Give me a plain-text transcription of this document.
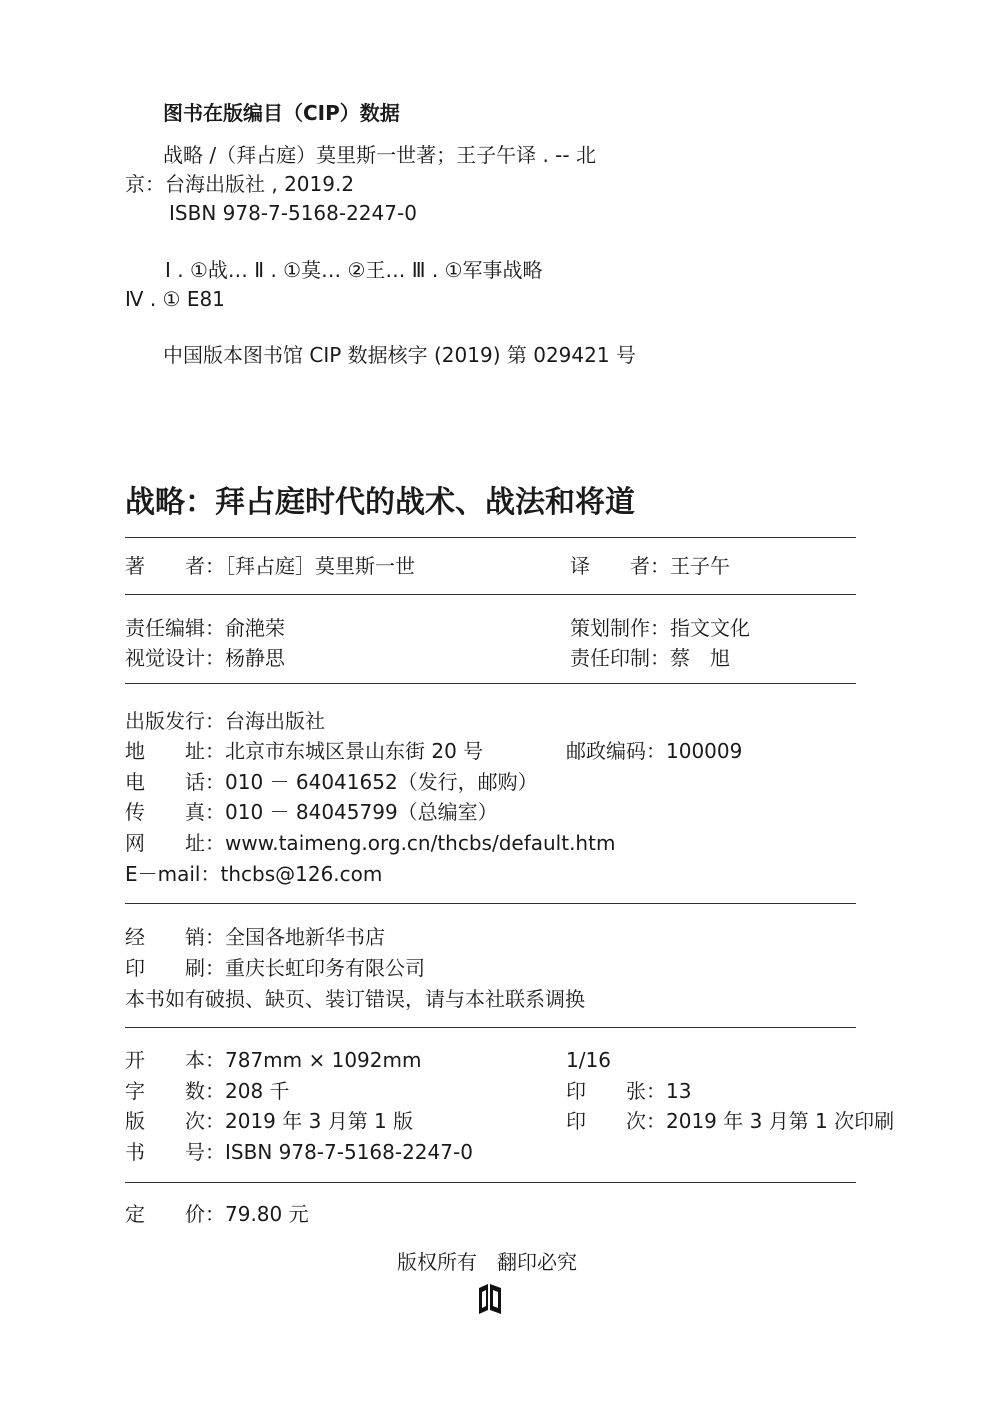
图书在版编目（CIP）数据
战略 /（拜占庭）莫里斯一世著；王子午译 . -- 北
京：台海出版社 , 2019.2
ISBN 978-7-5168-2247-0
Ⅰ . ①战… Ⅱ . ①莫… ②王… Ⅲ . ①军事战略
Ⅳ . ① E81
中国版本图书馆 CIP 数据核字 (2019) 第 029421 号
战略：拜占庭时代的战术、战法和将道
著　　者：［拜占庭］莫里斯一世	译　　者：王子午
责任编辑：俞滟荣	策划制作：指文文化
视觉设计：杨静思	责任印制：蔡　旭
出版发行：台海出版社
地　　址：北京市东城区景山东街 20 号	邮政编码：100009
电　　话：010 － 64041652（发行，邮购）
传　　真：010 － 84045799（总编室）
网　　址：www.taimeng.org.cn/thcbs/default.htm
E－mail：thcbs@126.com
经　　销：全国各地新华书店
印　　刷：重庆长虹印务有限公司
本书如有破损、缺页、装订错误，请与本社联系调换
开　　本：787mm × 1092mm	1/16
字　　数：208 千	印　　张：13
版　　次：2019 年 3 月第 1 版	印　　次：2019 年 3 月第 1 次印刷
书　　号：ISBN 978-7-5168-2247-0
定　　价：79.80 元
版权所有　翻印必究
